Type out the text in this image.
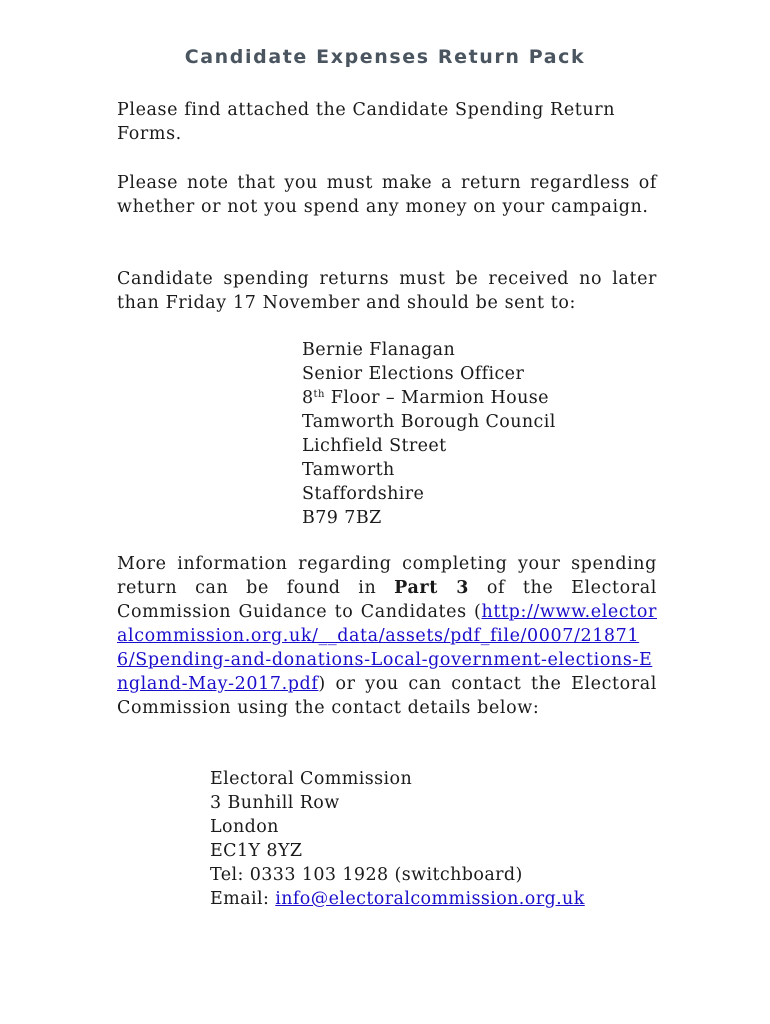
Candidate Expenses Return Pack
Please find attached the Candidate Spending Return Forms.
Please note that you must make a return regardless of whether or not you spend any money on your campaign.
Candidate spending returns must be received no later than Friday 17 November and should be sent to:
Bernie Flanagan
Senior Elections Officer
8th Floor – Marmion House
Tamworth Borough Council
Lichfield Street
Tamworth
Staffordshire
B79 7BZ
More information regarding completing your spending return can be found in Part 3 of the Electoral Commission Guidance to Candidates (http://www.electoralcommission.org.uk/__data/assets/pdf_file/0007/218716/Spending-and-donations-Local-government-elections-England-May-2017.pdf) or you can contact the Electoral Commission using the contact details below:
Electoral Commission
3 Bunhill Row
London
EC1Y 8YZ
Tel: 0333 103 1928 (switchboard)
Email: info@electoralcommission.org.uk
